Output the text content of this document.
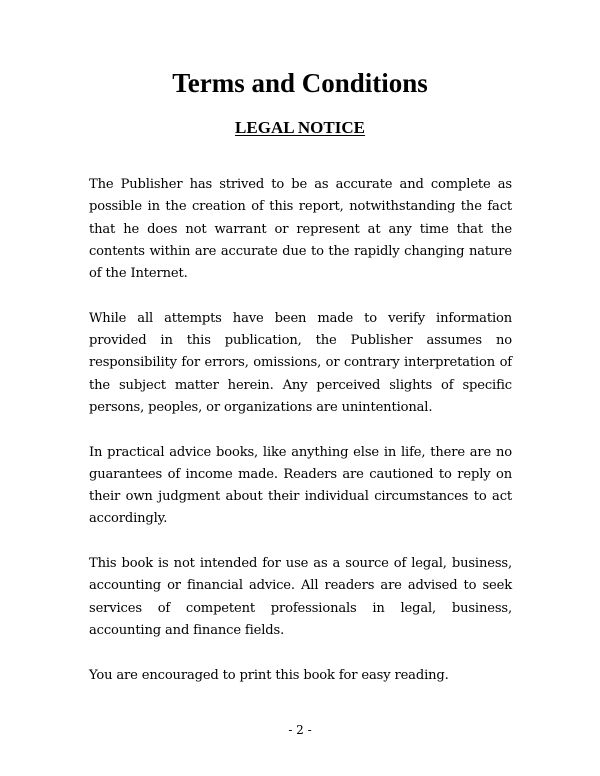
Terms and Conditions
LEGAL NOTICE

The Publisher has strived to be as accurate and complete as possible in the creation of this report, notwithstanding the fact that he does not warrant or represent at any time that the contents within are accurate due to the rapidly changing nature of the Internet.

While all attempts have been made to verify information provided in this publication, the Publisher assumes no responsibility for errors, omissions, or contrary interpretation of the subject matter herein. Any perceived slights of specific persons, peoples, or organizations are unintentional.

In practical advice books, like anything else in life, there are no guarantees of income made. Readers are cautioned to reply on their own judgment about their individual circumstances to act accordingly.

This book is not intended for use as a source of legal, business, accounting or financial advice. All readers are advised to seek services of competent professionals in legal, business, accounting and finance fields.

You are encouraged to print this book for easy reading.

- 2 -
